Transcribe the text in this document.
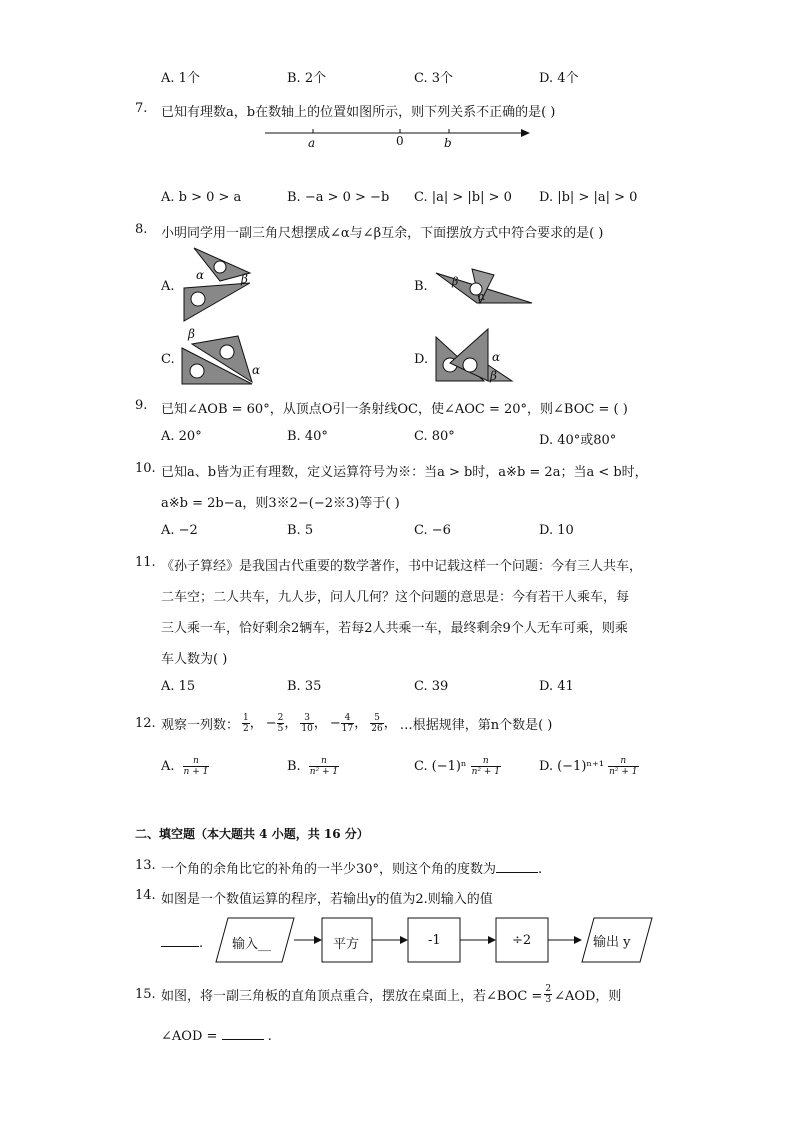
A. 1个	B. 2个	C. 3个	D. 4个
7. 已知有理数a，b在数轴上的位置如图所示，则下列关系不正确的是( )
a	0	b
A. b > 0 > a	B. −a > 0 > −b C. |a| > |b| > 0 D. |b| > |a| > 0
8. 小明同学用一副三角尺想摆成∠α与∠β互余，下面摆放方式中符合要求的是( )
A.
α	β	B. β
α
C.
β
α
D.	α
β
9. 已知∠AOB = 60°，从顶点O引一条射线OC，使∠AOC = 20°，则∠BOC = ( )
A. 20°	B. 40°	C. 80°	D. 40°或80°
10. 已知a、b皆为正有理数，定义运算符号为※：当a > b时，a※b = 2a；当a < b时，
a※b = 2b−a，则3※2−(−2※3)等于( )
A. −2	B. 5	C. −6	D. 10
11. 《孙子算经》是我国古代重要的数学著作，书中记载这样一个问题：今有三人共车，
二车空；二人共车，九人步，问人几何？这个问题的意思是：今有若干人乘车，每
三人乘一车，恰好剩余2辆车，若每2人共乘一车，最终剩余9个人无车可乘，则乘
车人数为( )
A. 15	B. 35	C. 39	D. 41
12. 观察一列数： $\frac{1}{2}$ ， − $\frac{2}{5}$ ， $\frac{3}{10}$ ， − $\frac{4}{17}$ ， $\frac{5}{26}$ ， …根据规律，第n个数是( )
A. $\frac{n}{n + 1}$	B. $\frac{n}{\text{n² + 1}}$	C. $(-1)^n \frac{n}{\text{n² + 1}}$	D. $(-1)^{n+1} \frac{n}{\text{n² + 1}}$
二、填空题（本大题共 4 小题，共 16 分）
13. 一个角的余角比它的补角的一半少30°，则这个角的度数为	.
14. 如图是一个数值运算的程序，若输出y的值为2.则输入的值
. 输入__	平方	-1	÷2	输出 y
15. 如图，将一副三角板的直角顶点重合，摆放在桌面上，若∠BOC = $\frac{2}{3}$ ∠AOD，则
∠AOD =	.
